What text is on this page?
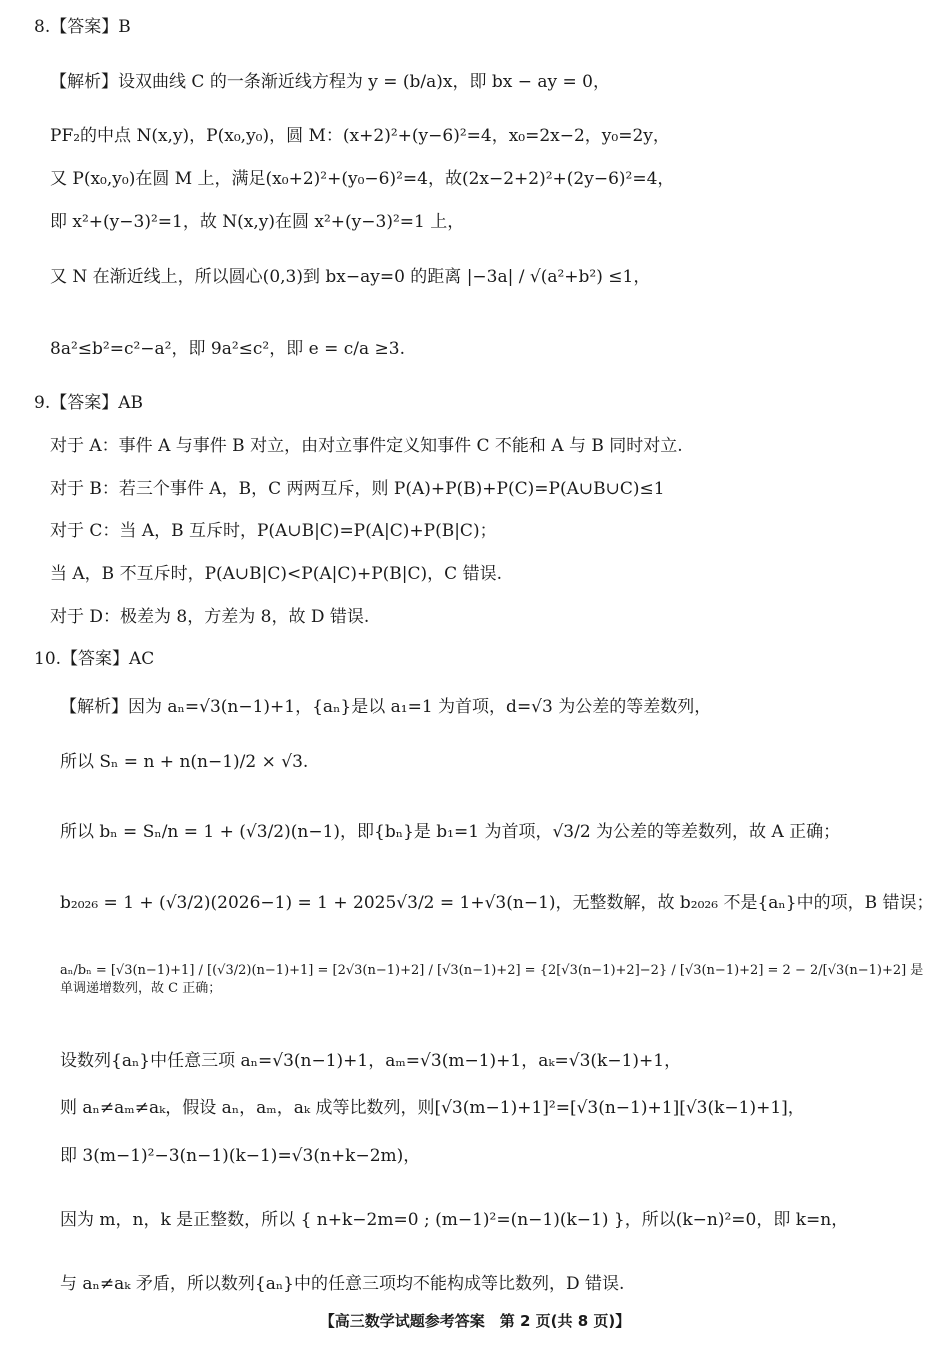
8.【答案】B
【解析】设双曲线 C 的一条渐近线方程为 y = (b/a)x，即 bx − ay = 0，
PF₂的中点 N(x,y)，P(x₀,y₀)，圆 M：(x+2)²+(y−6)²=4，x₀=2x−2，y₀=2y，
又 P(x₀,y₀)在圆 M 上，满足(x₀+2)²+(y₀−6)²=4，故(2x−2+2)²+(2y−6)²=4，
即 x²+(y−3)²=1，故 N(x,y)在圆 x²+(y−3)²=1 上，
又 N 在渐近线上，所以圆心(0,3)到 bx−ay=0 的距离 |−3a| / √(a²+b²) ≤1，
8a²≤b²=c²−a²，即 9a²≤c²，即 e = c/a ≥3.
9.【答案】AB
对于 A：事件 A 与事件 B 对立，由对立事件定义知事件 C 不能和 A 与 B 同时对立.
对于 B：若三个事件 A，B，C 两两互斥，则 P(A)+P(B)+P(C)=P(A∪B∪C)≤1
对于 C：当 A，B 互斥时，P(A∪B|C)=P(A|C)+P(B|C)；
当 A，B 不互斥时，P(A∪B|C)<P(A|C)+P(B|C)，C 错误.
对于 D：极差为 8，方差为 8，故 D 错误.
10.【答案】AC
【解析】因为 aₙ=√3(n−1)+1，{aₙ}是以 a₁=1 为首项，d=√3 为公差的等差数列，
所以 Sₙ = n + n(n−1)/2 × √3.
所以 bₙ = Sₙ/n = 1 + (√3/2)(n−1)，即{bₙ}是 b₁=1 为首项，√3/2 为公差的等差数列，故 A 正确；
b₂₀₂₆ = 1 + (√3/2)(2026−1) = 1 + 2025√3/2 = 1+√3(n−1)，无整数解，故 b₂₀₂₆ 不是{aₙ}中的项，B 错误；
aₙ/bₙ = [√3(n−1)+1] / [(√3/2)(n−1)+1] = [2√3(n−1)+2] / [√3(n−1)+2] = {2[√3(n−1)+2]−2} / [√3(n−1)+2] = 2 − 2/[√3(n−1)+2] 是单调递增数列，故 C 正确；
设数列{aₙ}中任意三项 aₙ=√3(n−1)+1，aₘ=√3(m−1)+1，aₖ=√3(k−1)+1，
则 aₙ≠aₘ≠aₖ，假设 aₙ，aₘ，aₖ 成等比数列，则[√3(m−1)+1]²=[√3(n−1)+1][√3(k−1)+1]，
即 3(m−1)²−3(n−1)(k−1)=√3(n+k−2m)，
因为 m，n，k 是正整数，所以 { n+k−2m=0 ; (m−1)²=(n−1)(k−1) }，所以(k−n)²=0，即 k=n，
与 aₙ≠aₖ 矛盾，所以数列{aₙ}中的任意三项均不能构成等比数列，D 错误.
【高三数学试题参考答案　第 2 页(共 8 页)】
